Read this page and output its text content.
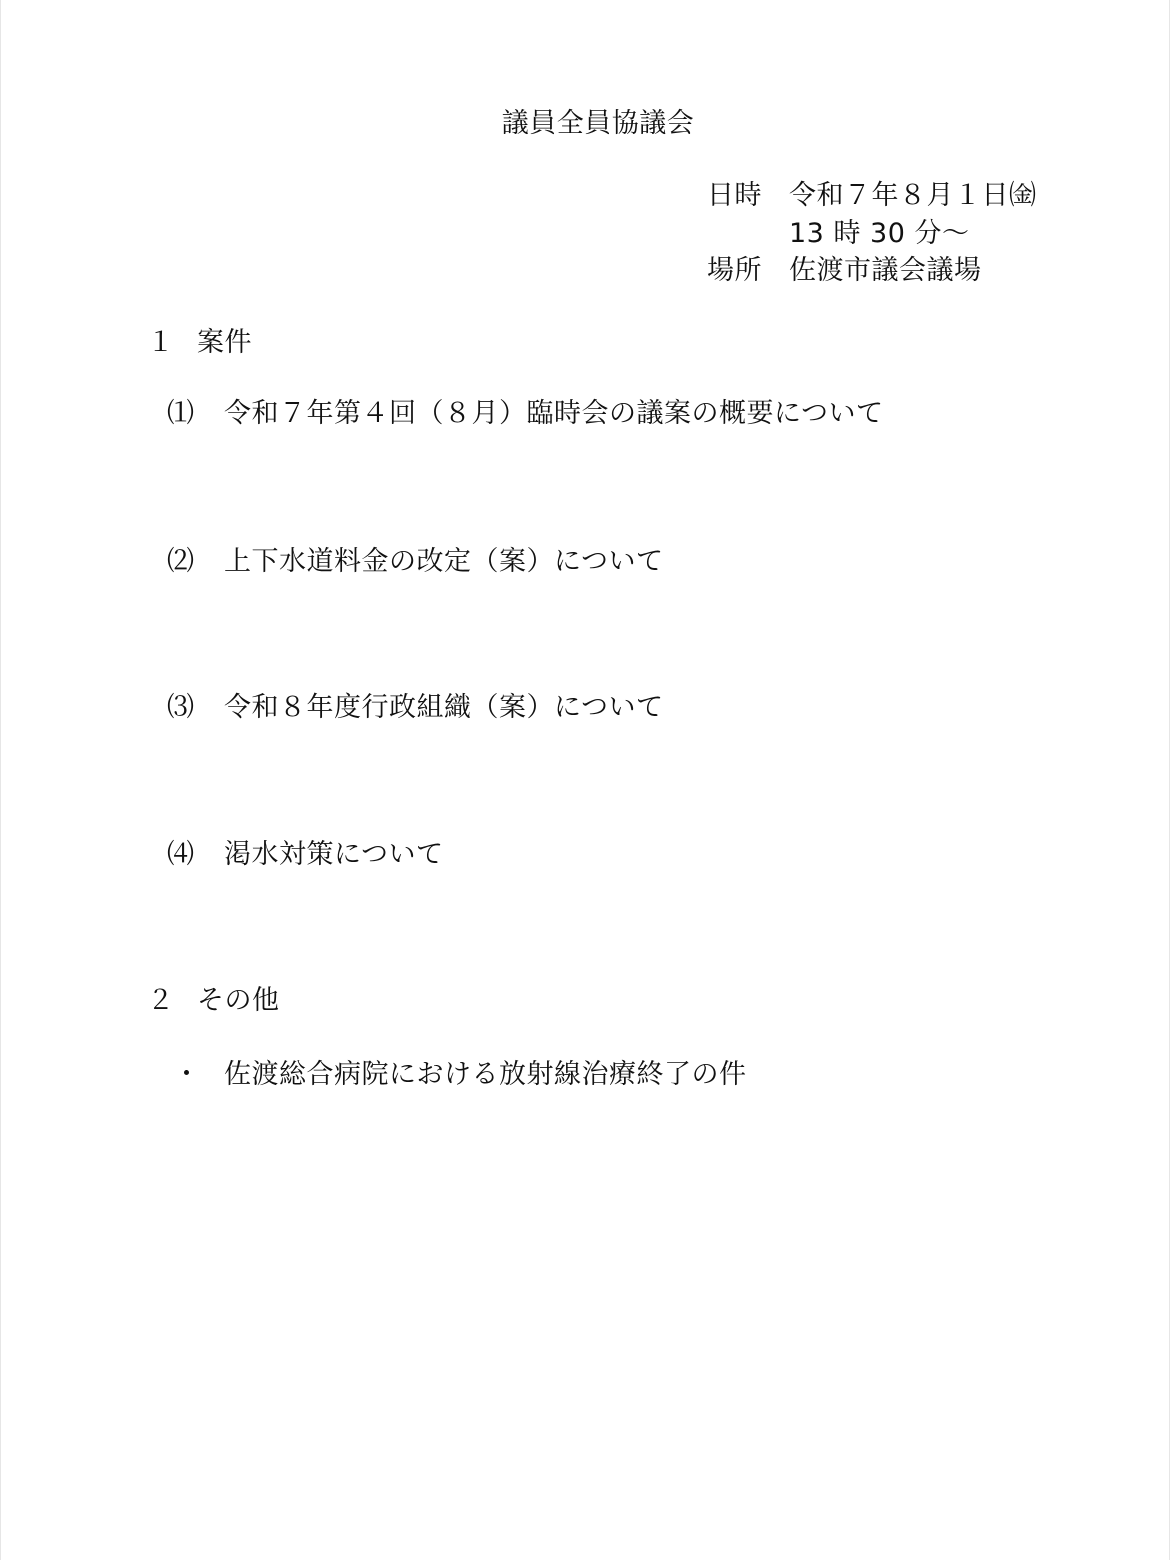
議員全員協議会
日時 令和７年８月１日㈮
13 時 30 分～
場所 佐渡市議会議場
１ 案件
⑴ 令和７年第４回（８月）臨時会の議案の概要について
⑵ 上下水道料金の改定（案）について
⑶ 令和８年度行政組織（案）について
⑷ 渇水対策について
２ その他
・ 佐渡総合病院における放射線治療終了の件
